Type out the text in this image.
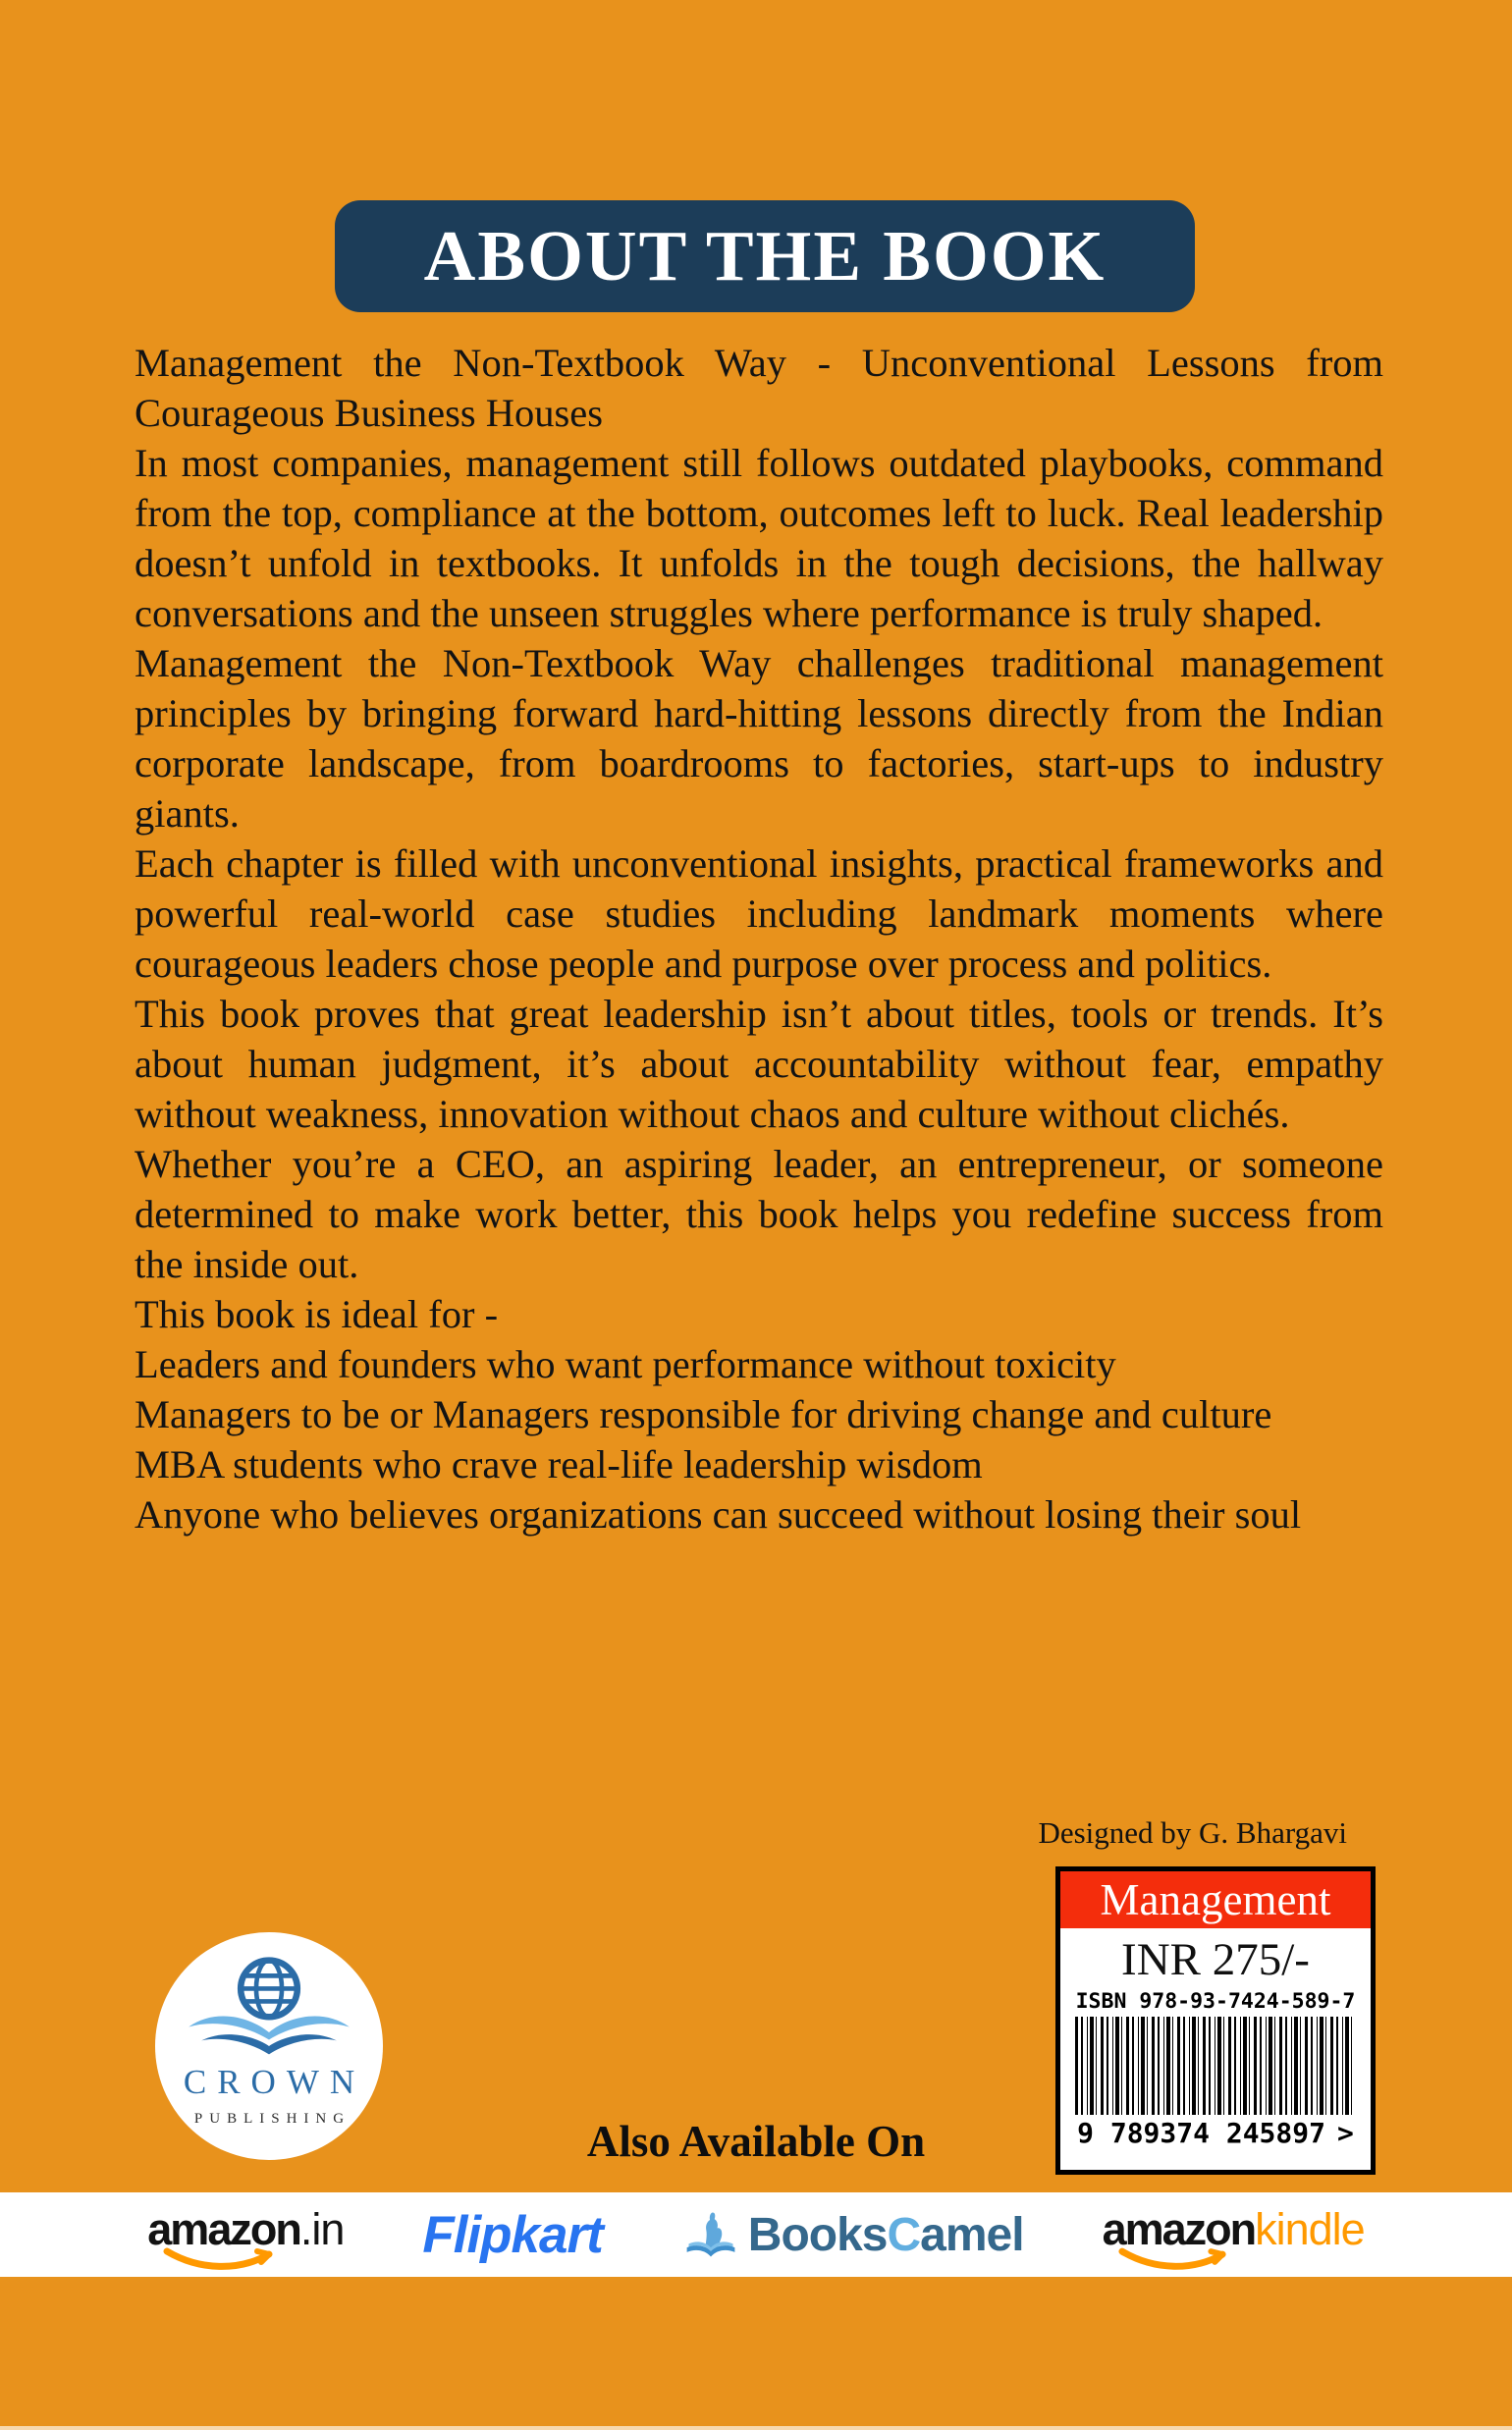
ABOUT THE BOOK

Management the Non-Textbook Way - Unconventional Lessons from Courageous Business Houses

In most companies, management still follows outdated playbooks, command from the top, compliance at the bottom, outcomes left to luck. Real leadership doesn’t unfold in textbooks. It unfolds in the tough decisions, the hallway conversations and the unseen struggles where performance is truly shaped.

Management the Non-Textbook Way challenges traditional management principles by bringing forward hard-hitting lessons directly from the Indian corporate landscape, from boardrooms to factories, start-ups to industry giants.

Each chapter is filled with unconventional insights, practical frameworks and powerful real-world case studies including landmark moments where courageous leaders chose people and purpose over process and politics.

This book proves that great leadership isn’t about titles, tools or trends. It’s about human judgment, it’s about accountability without fear, empathy without weakness, innovation without chaos and culture without clichés.

Whether you’re a CEO, an aspiring leader, an entrepreneur, or someone determined to make work better, this book helps you redefine success from the inside out.

This book is ideal for -

Leaders and founders who want performance without toxicity

Managers to be or Managers responsible for driving change and culture

MBA students who crave real-life leadership wisdom

Anyone who believes organizations can succeed without losing their soul

Designed by G. Bhargavi
Management
INR 275/-
ISBN 978-93-7424-589-7
9 789374 245897 >
CROWN
PUBLISHING	Also Available On
amazon.in Flipkart	BooksCamel amazonkindle
